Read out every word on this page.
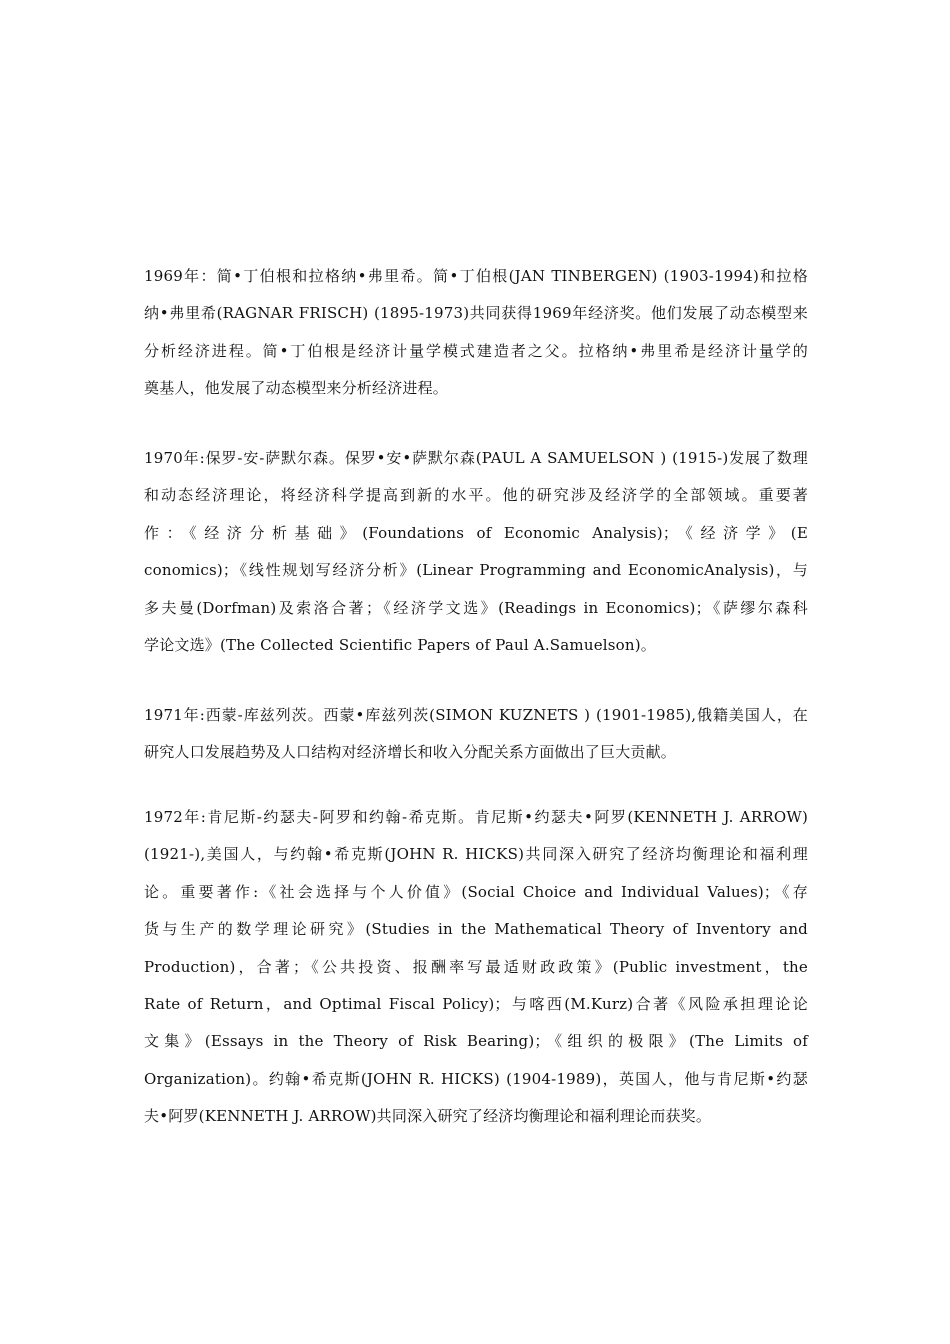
1969年：简•丁伯根和拉格纳•弗里希。简•丁伯根(JAN TINBERGEN) (1903-1994)和拉格
纳•弗里希(RAGNAR FRISCH) (1895-1973)共同获得1969年经济奖。他们发展了动态模型来
分析经济进程。简•丁伯根是经济计量学模式建造者之父。拉格纳•弗里希是经济计量学的
奠基人，他发展了动态模型来分析经济进程。
1970年:保罗-安-萨默尔森。保罗•安•萨默尔森(PAUL A SAMUELSON ) (1915-)发展了数理
和动态经济理论，将经济科学提高到新的水平。他的研究涉及经济学的全部领域。重要著
作：《经济分析基础》(Foundations of Economic Analysis)；《经济学》(E
conomics)；《线性规划写经济分析》(Linear Programming and EconomicAnalysis)，与
多夫曼(Dorfman)及索洛合著；《经济学文选》(Readings in Economics)；《萨缪尔森科
学论文选》(The Collected Scientific Papers of Paul A.Samuelson)。
1971年:西蒙-库兹列茨。西蒙•库兹列茨(SIMON KUZNETS ) (1901-1985),俄籍美国人，在
研究人口发展趋势及人口结构对经济增长和收入分配关系方面做出了巨大贡献。
1972年:肯尼斯-约瑟夫-阿罗和约翰-希克斯。肯尼斯•约瑟夫•阿罗(KENNETH J. ARROW)
(1921-),美国人，与约翰•希克斯(JOHN R. HICKS)共同深入研究了经济均衡理论和福利理
论。重要著作:《社会选择与个人价值》(Social Choice and Individual Values)；《存
货与生产的数学理论研究》(Studies in the Mathematical Theory of Inventory and
Production)，合著；《公共投资、报酬率写最适财政政策》(Public investment，the
Rate of Return，and Optimal Fiscal Policy)；与喀西(M.Kurz)合著《风险承担理论论
文集》(Essays in the Theory of Risk Bearing)；《组织的极限》(The Limits of
Organization)。约翰•希克斯(JOHN R. HICKS) (1904-1989)，英国人，他与肯尼斯•约瑟
夫•阿罗(KENNETH J. ARROW)共同深入研究了经济均衡理论和福利理论而获奖。
